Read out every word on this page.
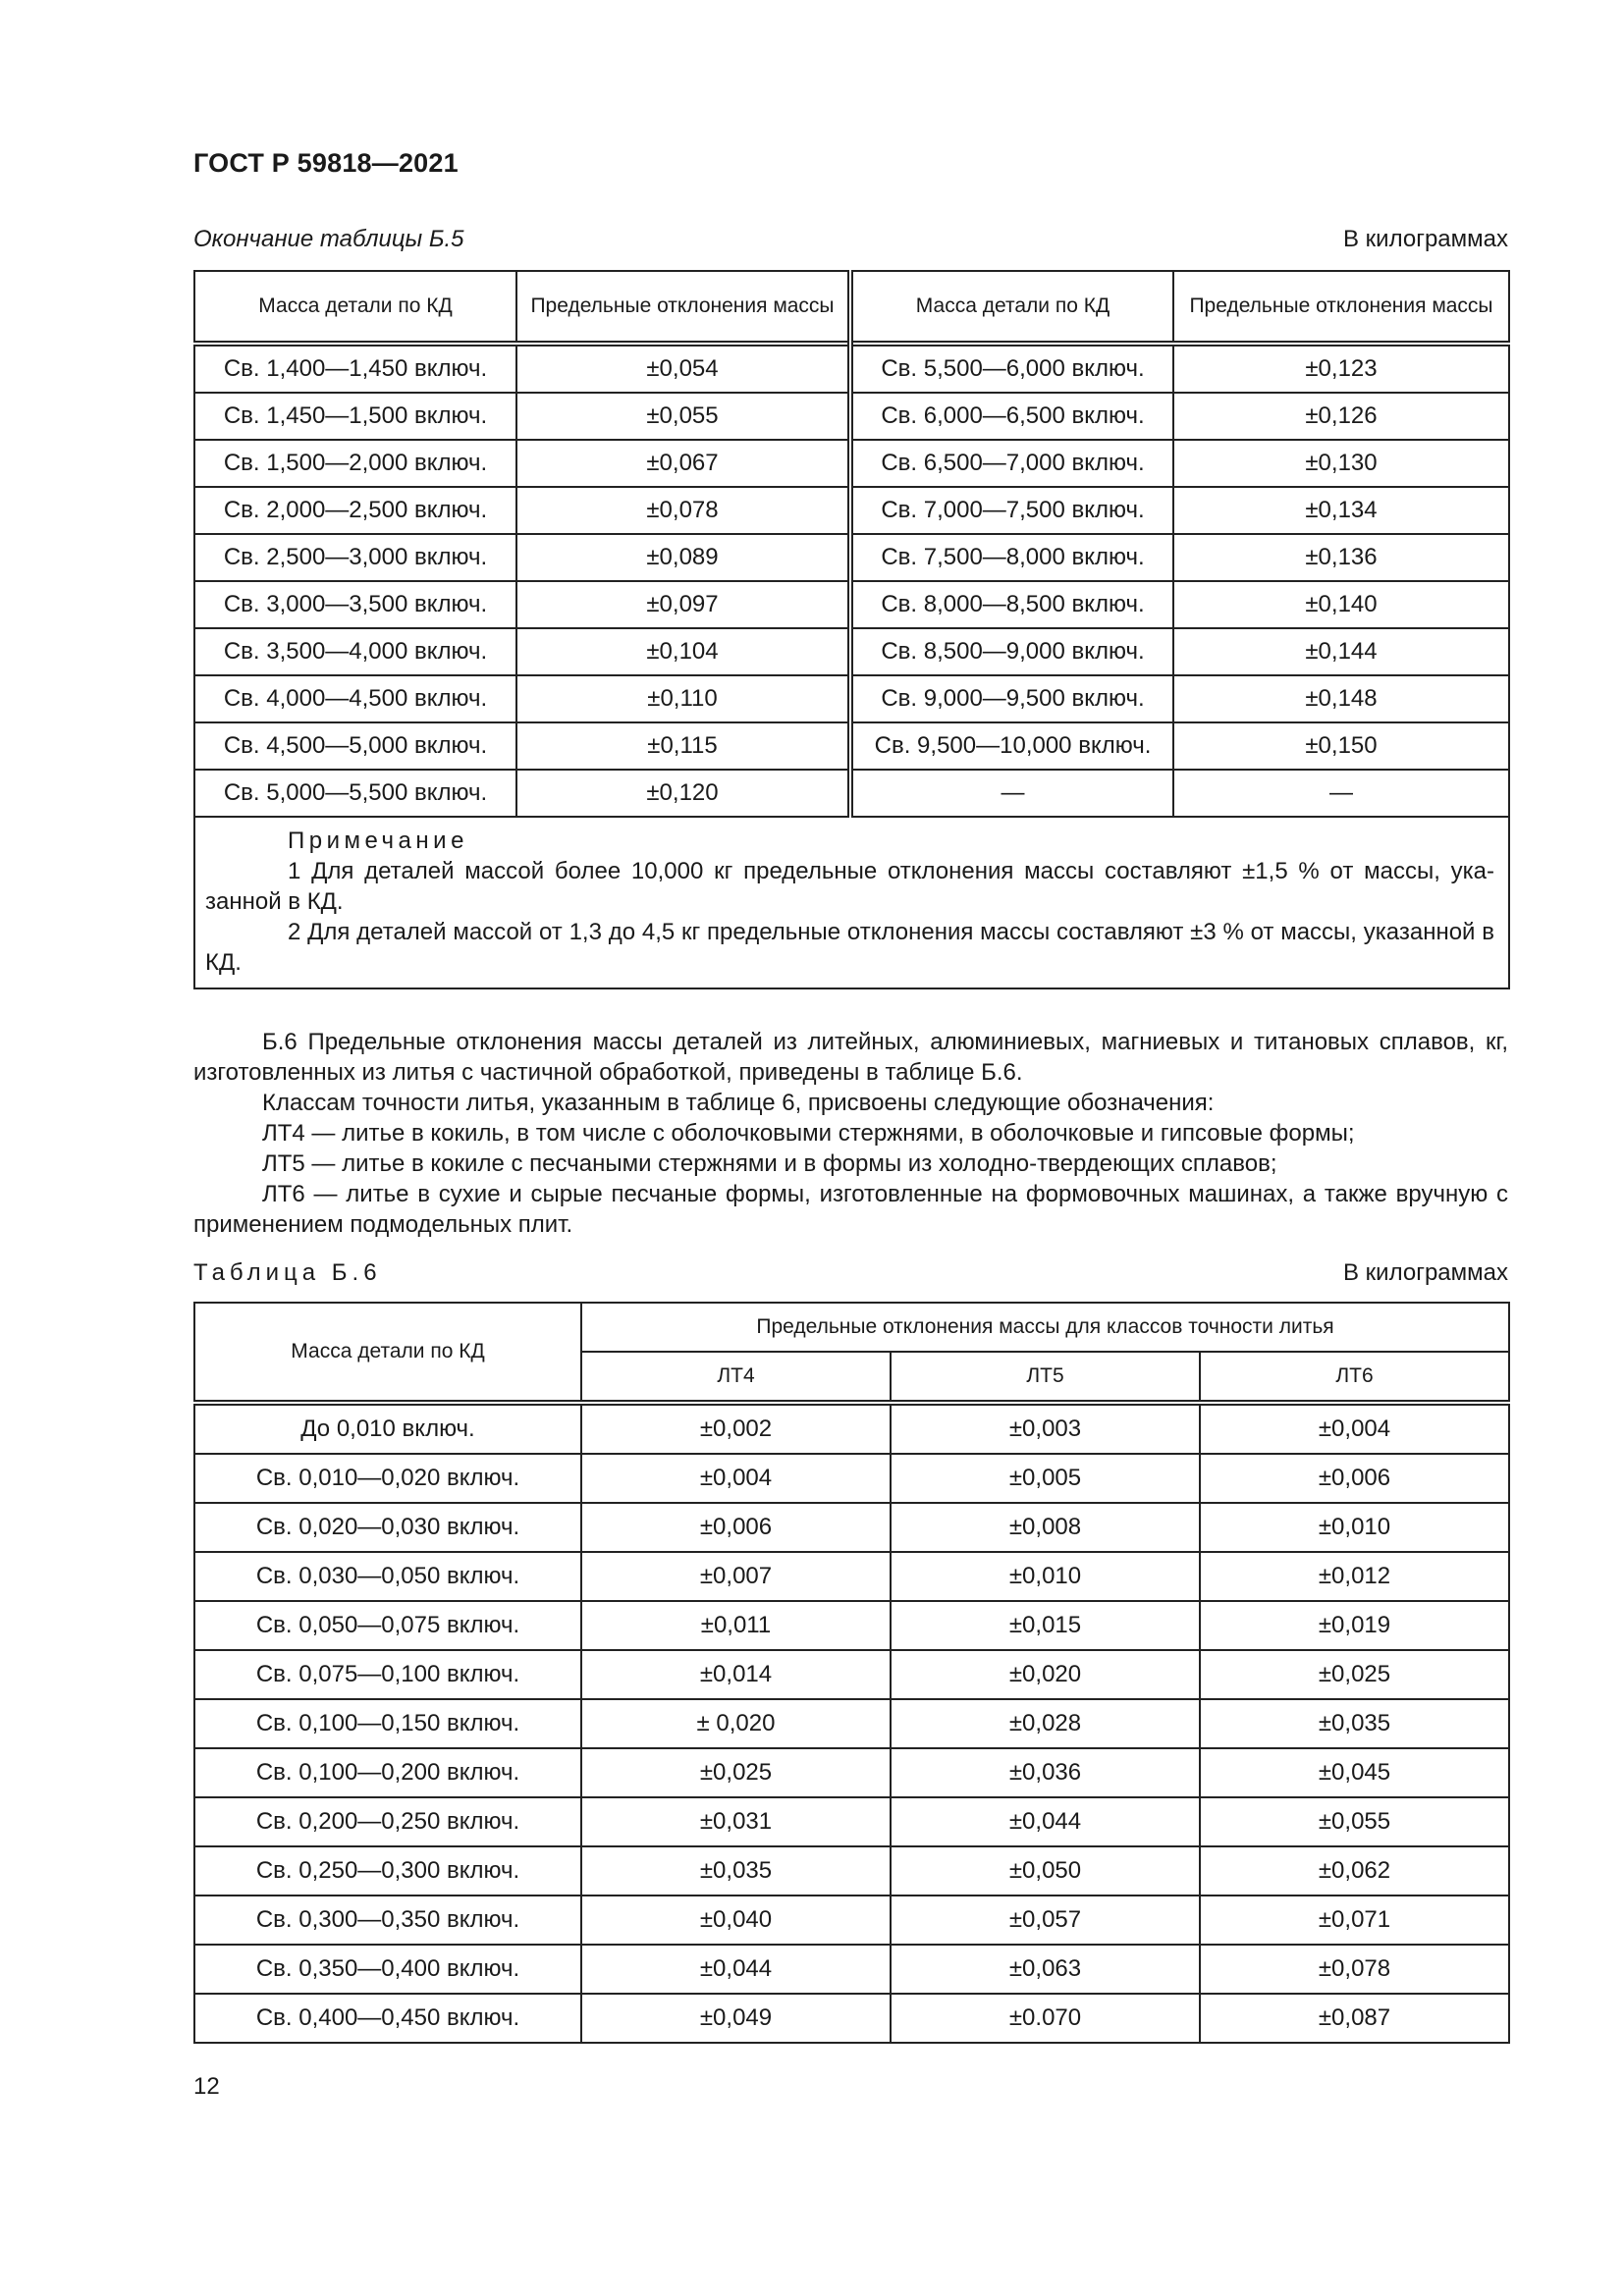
ГОСТ Р 59818—2021
Окончание таблицы Б.5	В килограммах
Масса детали по КД	Предельные отклонения массы	Масса детали по КД	Предельные отклонения массы
Св. 1,400—1,450 включ.	±0,054	Св. 5,500—6,000 включ.	±0,123
Св. 1,450—1,500 включ.	±0,055	Св. 6,000—6,500 включ.	±0,126
Св. 1,500—2,000 включ.	±0,067	Св. 6,500—7,000 включ.	±0,130
Св. 2,000—2,500 включ.	±0,078	Св. 7,000—7,500 включ.	±0,134
Св. 2,500—3,000 включ.	±0,089	Св. 7,500—8,000 включ.	±0,136
Св. 3,000—3,500 включ.	±0,097	Св. 8,000—8,500 включ.	±0,140
Св. 3,500—4,000 включ.	±0,104	Св. 8,500—9,000 включ.	±0,144
Св. 4,000—4,500 включ.	±0,110	Св. 9,000—9,500 включ.	±0,148
Св. 4,500—5,000 включ.	±0,115	Св. 9,500—10,000 включ.	±0,150
Св. 5,000—5,500 включ.	±0,120	—	—

Примечание
1 Для деталей массой более 10,000 кг предельные отклонения массы составляют ±1,5 % от массы, ука-занной в КД.
2 Для деталей массой от 1,3 до 4,5 кг предельные отклонения массы составляют ±3 % от массы, указанной в КД.			

Б.6 Предельные отклонения массы деталей из литейных, алюминиевых, магниевых и титановых сплавов, кг, изготовленных из литья с частичной обработкой, приведены в таблице Б.6.

Классам точности литья, указанным в таблице 6, присвоены следующие обозначения:

ЛТ4 — литье в кокиль, в том числе с оболочковыми стержнями, в оболочковые и гипсовые формы;

ЛТ5 — литье в кокиле с песчаными стержнями и в формы из холодно-твердеющих сплавов;

ЛТ6 — литье в сухие и сырые песчаные формы, изготовленные на формовочных машинах, а также вручную с применением подмодельных плит.

Таблица Б.6	В килограммах
Масса детали по КД	Предельные отклонения массы для классов точности литья		
	ЛТ4	ЛТ5	ЛТ6
До 0,010 включ.	±0,002	±0,003	±0,004
Св. 0,010—0,020 включ.	±0,004	±0,005	±0,006
Св. 0,020—0,030 включ.	±0,006	±0,008	±0,010
Св. 0,030—0,050 включ.	±0,007	±0,010	±0,012
Св. 0,050—0,075 включ.	±0,011	±0,015	±0,019
Св. 0,075—0,100 включ.	±0,014	±0,020	±0,025
Св. 0,100—0,150 включ.	± 0,020	±0,028	±0,035
Св. 0,100—0,200 включ.	±0,025	±0,036	±0,045
Св. 0,200—0,250 включ.	±0,031	±0,044	±0,055
Св. 0,250—0,300 включ.	±0,035	±0,050	±0,062
Св. 0,300—0,350 включ.	±0,040	±0,057	±0,071
Св. 0,350—0,400 включ.	±0,044	±0,063	±0,078
Св. 0,400—0,450 включ.	±0,049	±0.070	±0,087
12
